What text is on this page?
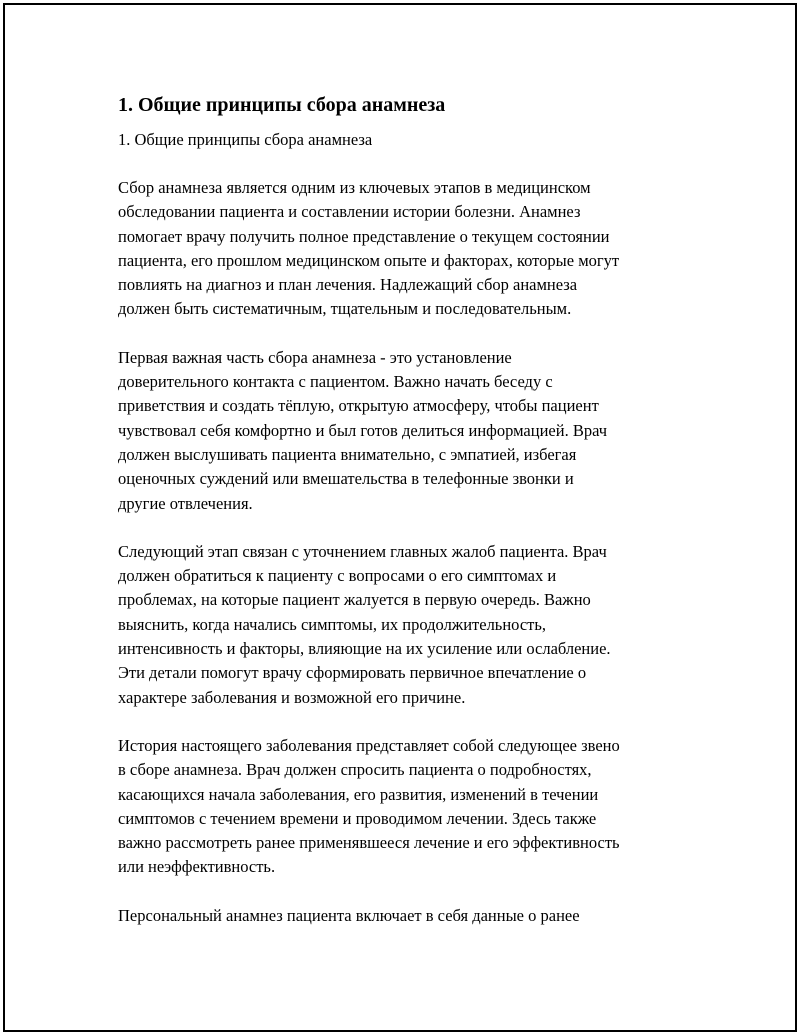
1. Общие принципы сбора анамнеза
1. Общие принципы сбора анамнеза
Сбор анамнеза является одним из ключевых этапов в медицинском
обследовании пациента и составлении истории болезни. Анамнез
помогает врачу получить полное представление о текущем состоянии
пациента, его прошлом медицинском опыте и факторах, которые могут
повлиять на диагноз и план лечения. Надлежащий сбор анамнеза
должен быть систематичным, тщательным и последовательным.
Первая важная часть сбора анамнеза - это установление
доверительного контакта с пациентом. Важно начать беседу с
приветствия и создать тёплую, открытую атмосферу, чтобы пациент
чувствовал себя комфортно и был готов делиться информацией. Врач
должен выслушивать пациента внимательно, с эмпатией, избегая
оценочных суждений или вмешательства в телефонные звонки и
другие отвлечения.
Следующий этап связан с уточнением главных жалоб пациента. Врач
должен обратиться к пациенту с вопросами о его симптомах и
проблемах, на которые пациент жалуется в первую очередь. Важно
выяснить, когда начались симптомы, их продолжительность,
интенсивность и факторы, влияющие на их усиление или ослабление.
Эти детали помогут врачу сформировать первичное впечатление о
характере заболевания и возможной его причине.
История настоящего заболевания представляет собой следующее звено
в сборе анамнеза. Врач должен спросить пациента о подробностях,
касающихся начала заболевания, его развития, изменений в течении
симптомов с течением времени и проводимом лечении. Здесь также
важно рассмотреть ранее применявшееся лечение и его эффективность
или неэффективность.
Персональный анамнез пациента включает в себя данные о ранее
